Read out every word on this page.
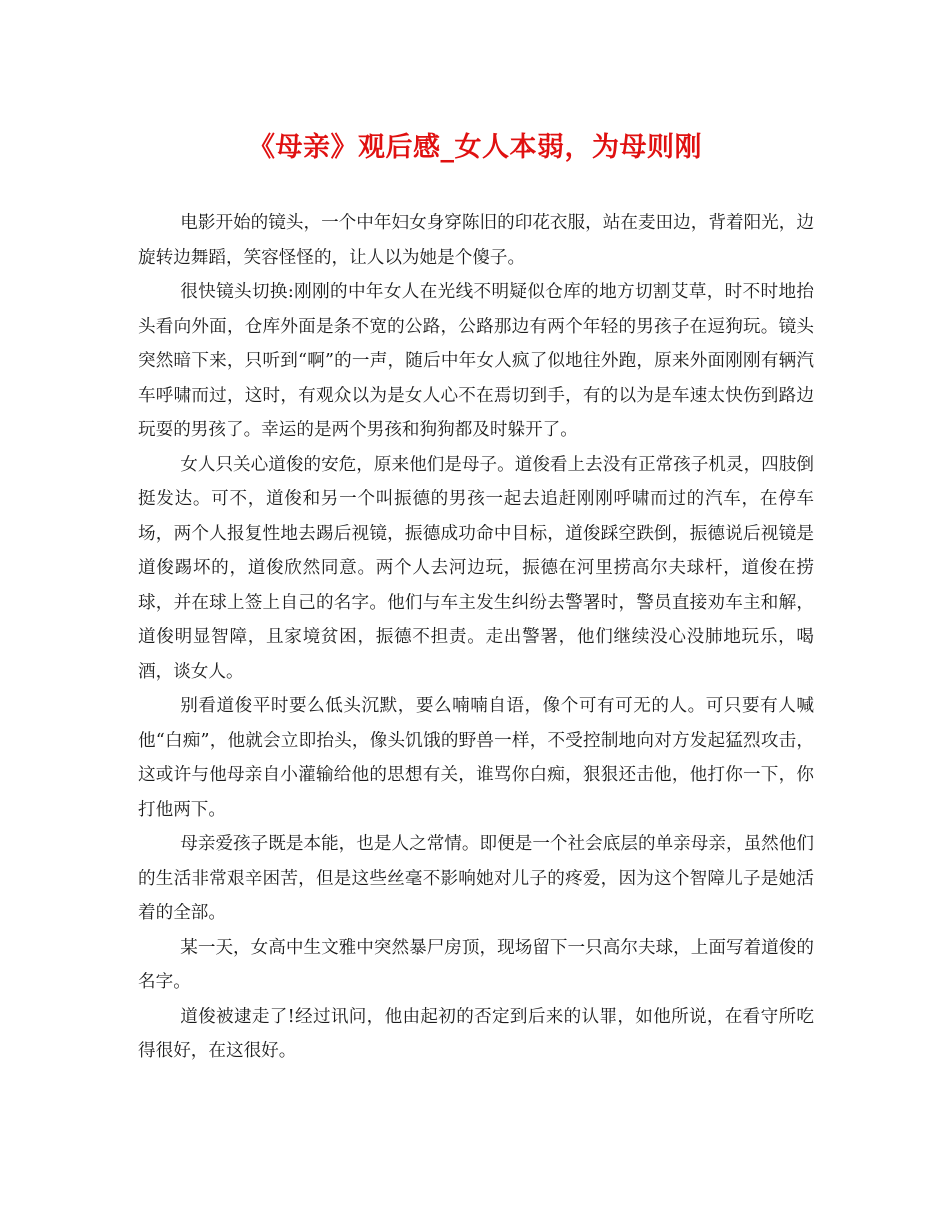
《母亲》观后感_女人本弱，为母则刚

电影开始的镜头，一个中年妇女身穿陈旧的印花衣服，站在麦田边，背着阳光，边旋转边舞蹈，笑容怪怪的，让人以为她是个傻子。

很快镜头切换:刚刚的中年女人在光线不明疑似仓库的地方切割艾草，时不时地抬头看向外面，仓库外面是条不宽的公路，公路那边有两个年轻的男孩子在逗狗玩。镜头突然暗下来，只听到“啊”的一声，随后中年女人疯了似地往外跑，原来外面刚刚有辆汽车呼啸而过，这时，有观众以为是女人心不在焉切到手，有的以为是车速太快伤到路边玩耍的男孩了。幸运的是两个男孩和狗狗都及时躲开了。

女人只关心道俊的安危，原来他们是母子。道俊看上去没有正常孩子机灵，四肢倒挺发达。可不，道俊和另一个叫振德的男孩一起去追赶刚刚呼啸而过的汽车，在停车场，两个人报复性地去踢后视镜，振德成功命中目标，道俊踩空跌倒，振德说后视镜是道俊踢坏的，道俊欣然同意。两个人去河边玩，振德在河里捞高尔夫球杆，道俊在捞球，并在球上签上自己的名字。他们与车主发生纠纷去警署时，警员直接劝车主和解，道俊明显智障，且家境贫困，振德不担责。走出警署，他们继续没心没肺地玩乐，喝酒，谈女人。

别看道俊平时要么低头沉默，要么喃喃自语，像个可有可无的人。可只要有人喊他“白痴”，他就会立即抬头，像头饥饿的野兽一样，不受控制地向对方发起猛烈攻击，这或许与他母亲自小灌输给他的思想有关，谁骂你白痴，狠狠还击他，他打你一下，你打他两下。

母亲爱孩子既是本能，也是人之常情。即便是一个社会底层的单亲母亲，虽然他们的生活非常艰辛困苦，但是这些丝毫不影响她对儿子的疼爱，因为这个智障儿子是她活着的全部。

某一天，女高中生文雅中突然暴尸房顶，现场留下一只高尔夫球，上面写着道俊的名字。

道俊被逮走了!经过讯问，他由起初的否定到后来的认罪，如他所说，在看守所吃得很好，在这很好。
